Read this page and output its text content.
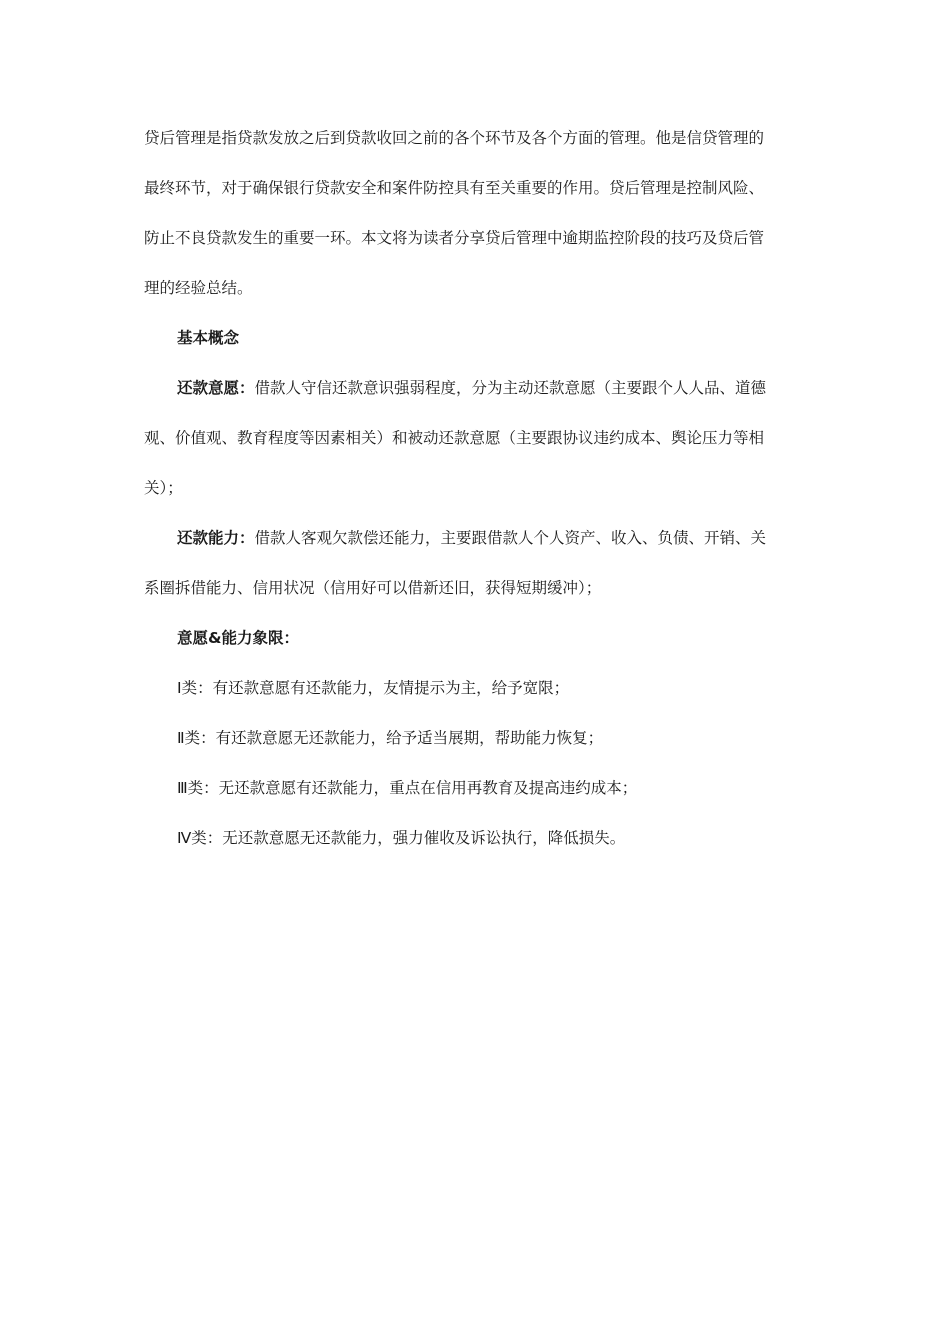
贷后管理是指贷款发放之后到贷款收回之前的各个环节及各个方面的管理。他是信贷管理的
最终环节，对于确保银行贷款安全和案件防控具有至关重要的作用。贷后管理是控制风险、
防止不良贷款发生的重要一环。本文将为读者分享贷后管理中逾期监控阶段的技巧及贷后管
理的经验总结。
基本概念
还款意愿：借款人守信还款意识强弱程度，分为主动还款意愿（主要跟个人人品、道德
观、价值观、教育程度等因素相关）和被动还款意愿（主要跟协议违约成本、舆论压力等相
关）；
还款能力：借款人客观欠款偿还能力，主要跟借款人个人资产、收入、负债、开销、关
系圈拆借能力、信用状况（信用好可以借新还旧，获得短期缓冲）；
意愿&能力象限：
Ⅰ类：有还款意愿有还款能力，友情提示为主，给予宽限；
Ⅱ类：有还款意愿无还款能力，给予适当展期，帮助能力恢复；
Ⅲ类：无还款意愿有还款能力，重点在信用再教育及提高违约成本；
Ⅳ类：无还款意愿无还款能力，强力催收及诉讼执行，降低损失。
